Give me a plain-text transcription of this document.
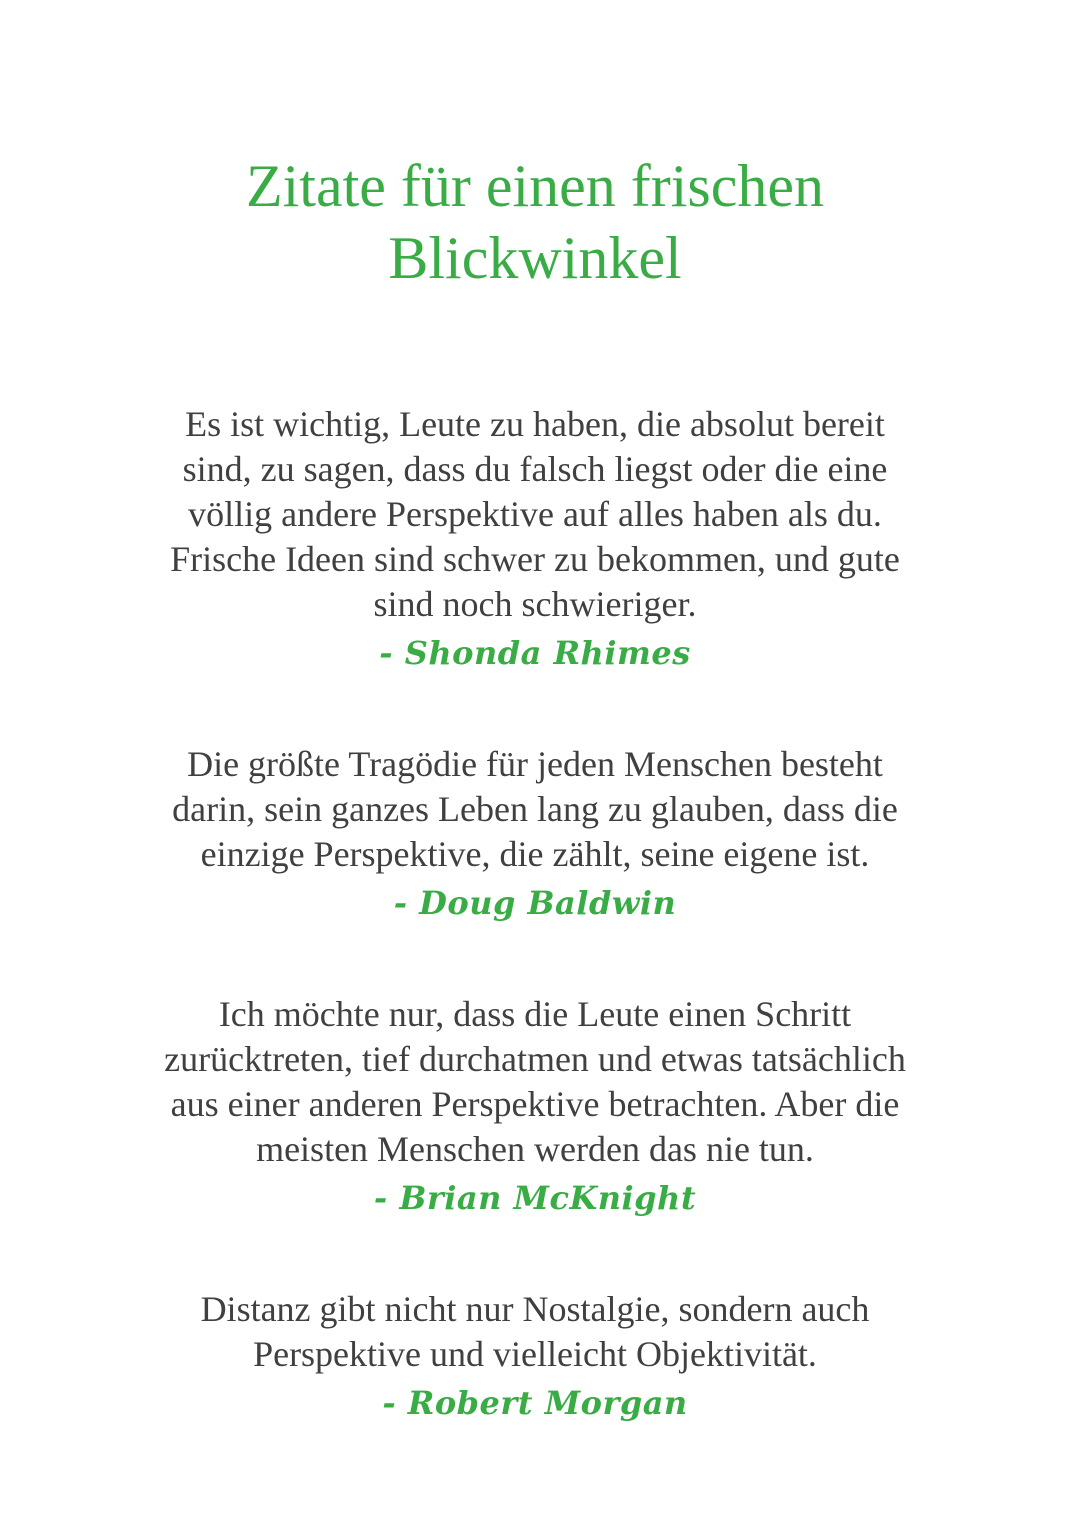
Zitate für einen frischen
Blickwinkel

Es ist wichtig, Leute zu haben, die absolut bereit
sind, zu sagen, dass du falsch liegst oder die eine
völlig andere Perspektive auf alles haben als du.
Frische Ideen sind schwer zu bekommen, und gute
sind noch schwieriger.

- Shonda Rhimes

Die größte Tragödie für jeden Menschen besteht
darin, sein ganzes Leben lang zu glauben, dass die
einzige Perspektive, die zählt, seine eigene ist.

- Doug Baldwin

Ich möchte nur, dass die Leute einen Schritt
zurücktreten, tief durchatmen und etwas tatsächlich
aus einer anderen Perspektive betrachten. Aber die
meisten Menschen werden das nie tun.

- Brian McKnight

Distanz gibt nicht nur Nostalgie, sondern auch
Perspektive und vielleicht Objektivität.

- Robert Morgan
